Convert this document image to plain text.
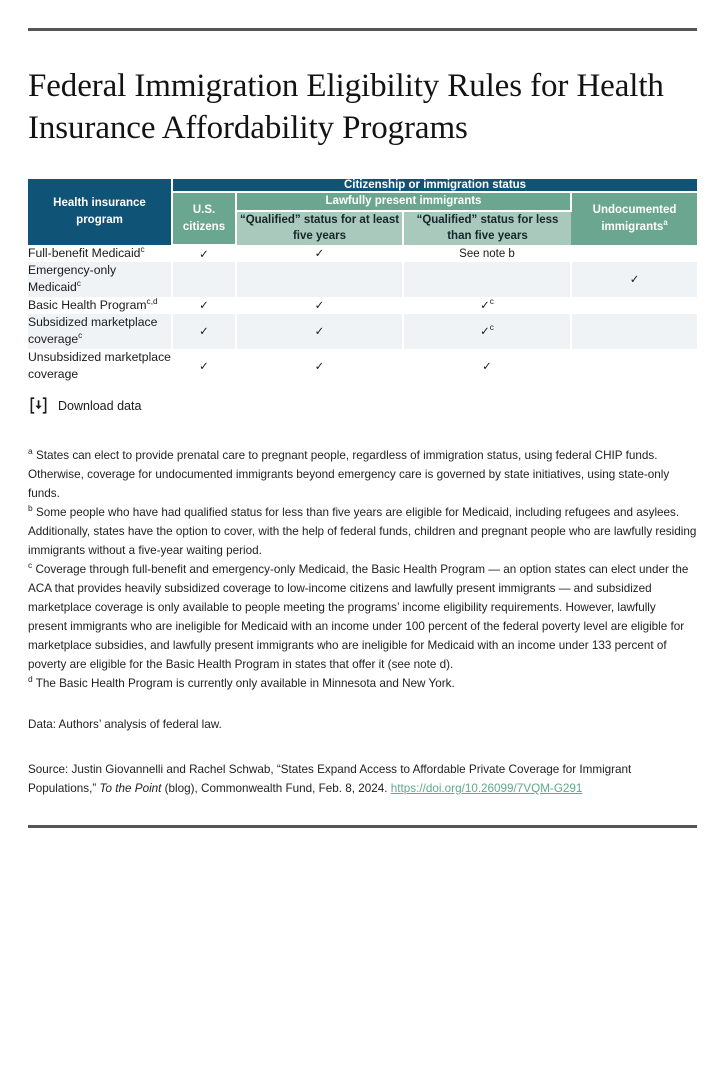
Federal Immigration Eligibility Rules for Health Insurance Affordability Programs
Health insurance program	Citizenship or immigration status			
	U.S. citizens	Lawfully present immigrants		Undocumented immigrants$^a$
		“Qualified” status for at least five years	“Qualified” status for less than five years	
Full-benefit Medicaid$^c$	✓	✓	See note b	
Emergency-only Medicaid$^c$				✓
Basic Health Program$^{c,d}$	✓	✓	✓$^c$	
Subsidized marketplace coverage$^c$	✓	✓	✓$^c$	
Unsubsidized marketplace coverage	✓	✓	✓	
Download data

$^a$ States can elect to provide prenatal care to pregnant people, regardless of immigration status, using federal CHIP funds. Otherwise, coverage for undocumented immigrants beyond emergency care is governed by state initiatives, using state-only funds.

$^b$ Some people who have had qualified status for less than five years are eligible for Medicaid, including refugees and asylees. Additionally, states have the option to cover, with the help of federal funds, children and pregnant people who are lawfully residing immigrants without a five-year waiting period.

$^c$ Coverage through full-benefit and emergency-only Medicaid, the Basic Health Program — an option states can elect under the ACA that provides heavily subsidized coverage to low-income citizens and lawfully present immigrants — and subsidized marketplace coverage is only available to people meeting the programs’ income eligibility requirements. However, lawfully present immigrants who are ineligible for Medicaid with an income under 100 percent of the federal poverty level are eligible for marketplace subsidies, and lawfully present immigrants who are ineligible for Medicaid with an income under 133 percent of poverty are eligible for the Basic Health Program in states that offer it (see note d).

$^d$ The Basic Health Program is currently only available in Minnesota and New York.

Data: Authors’ analysis of federal law.
Source: Justin Giovannelli and Rachel Schwab, “States Expand Access to Affordable Private Coverage for Immigrant Populations,” To the Point (blog), Commonwealth Fund, Feb. 8, 2024. https://doi.org/10.26099/7VQM-G291
